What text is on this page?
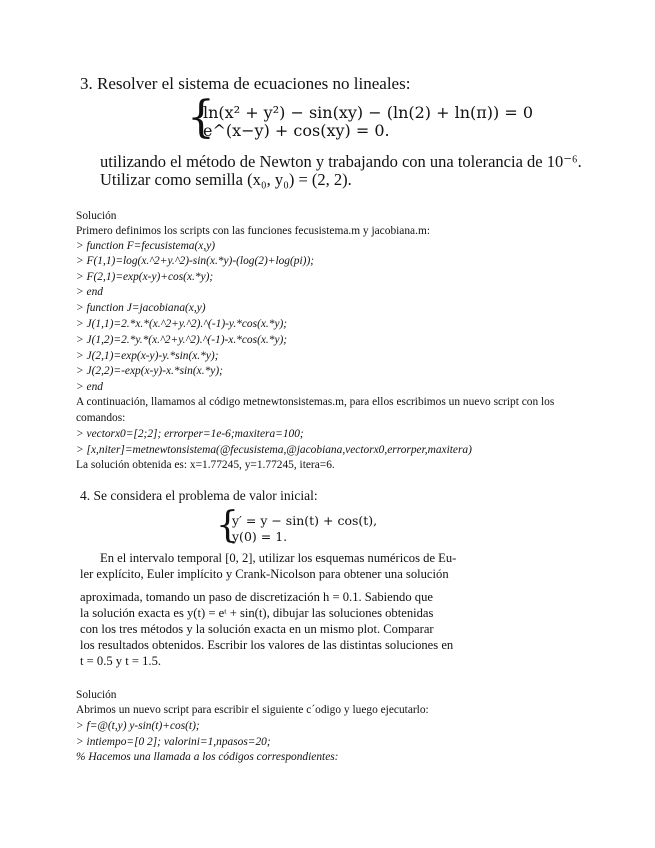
3. Resolver el sistema de ecuaciones no lineales:
{
ln(x² + y²) − sin(xy) − (ln(2) + ln(π)) = 0
e^(x−y) + cos(xy) = 0.
utilizando el método de Newton y trabajando con una tolerancia de 10⁻⁶.
Utilizar como semilla (x₀, y₀) = (2, 2).
Solución
Primero definimos los scripts con las funciones fecusistema.m y jacobiana.m:
> function F=fecusistema(x,y)
> F(1,1)=log(x.^2+y.^2)-sin(x.*y)-(log(2)+log(pi));
> F(2,1)=exp(x-y)+cos(x.*y);
> end
> function J=jacobiana(x,y)
> J(1,1)=2.*x.*(x.^2+y.^2).^(-1)-y.*cos(x.*y);
> J(1,2)=2.*y.*(x.^2+y.^2).^(-1)-x.*cos(x.*y);
> J(2,1)=exp(x-y)-y.*sin(x.*y);
> J(2,2)=-exp(x-y)-x.*sin(x.*y);
> end
A continuación, llamamos al código metnewtonsistemas.m, para ellos escribimos un nuevo script con los
comandos:
> vectorx0=[2;2]; errorper=1e-6;maxitera=100;
> [x,niter]=metnewtonsistema(@fecusistema,@jacobiana,vectorx0,errorper,maxitera)
La solución obtenida es: x=1.77245, y=1.77245, itera=6.
4. Se considera el problema de valor inicial:
{
y′ = y − sin(t) + cos(t),
y(0) = 1.
En el intervalo temporal [0, 2], utilizar los esquemas numéricos de Eu-
ler explícito, Euler implícito y Crank-Nicolson para obtener una solución
aproximada, tomando un paso de discretización h = 0.1. Sabiendo que
la solución exacta es y(t) = eᵗ + sin(t), dibujar las soluciones obtenidas
con los tres métodos y la solución exacta en un mismo plot. Comparar
los resultados obtenidos. Escribir los valores de las distintas soluciones en
t = 0.5 y t = 1.5.
Solución
Abrimos un nuevo script para escribir el siguiente c´odigo y luego ejecutarlo:
> f=@(t,y) y-sin(t)+cos(t);
> intiempo=[0 2]; valorini=1,npasos=20;
% Hacemos una llamada a los códigos correspondientes:
